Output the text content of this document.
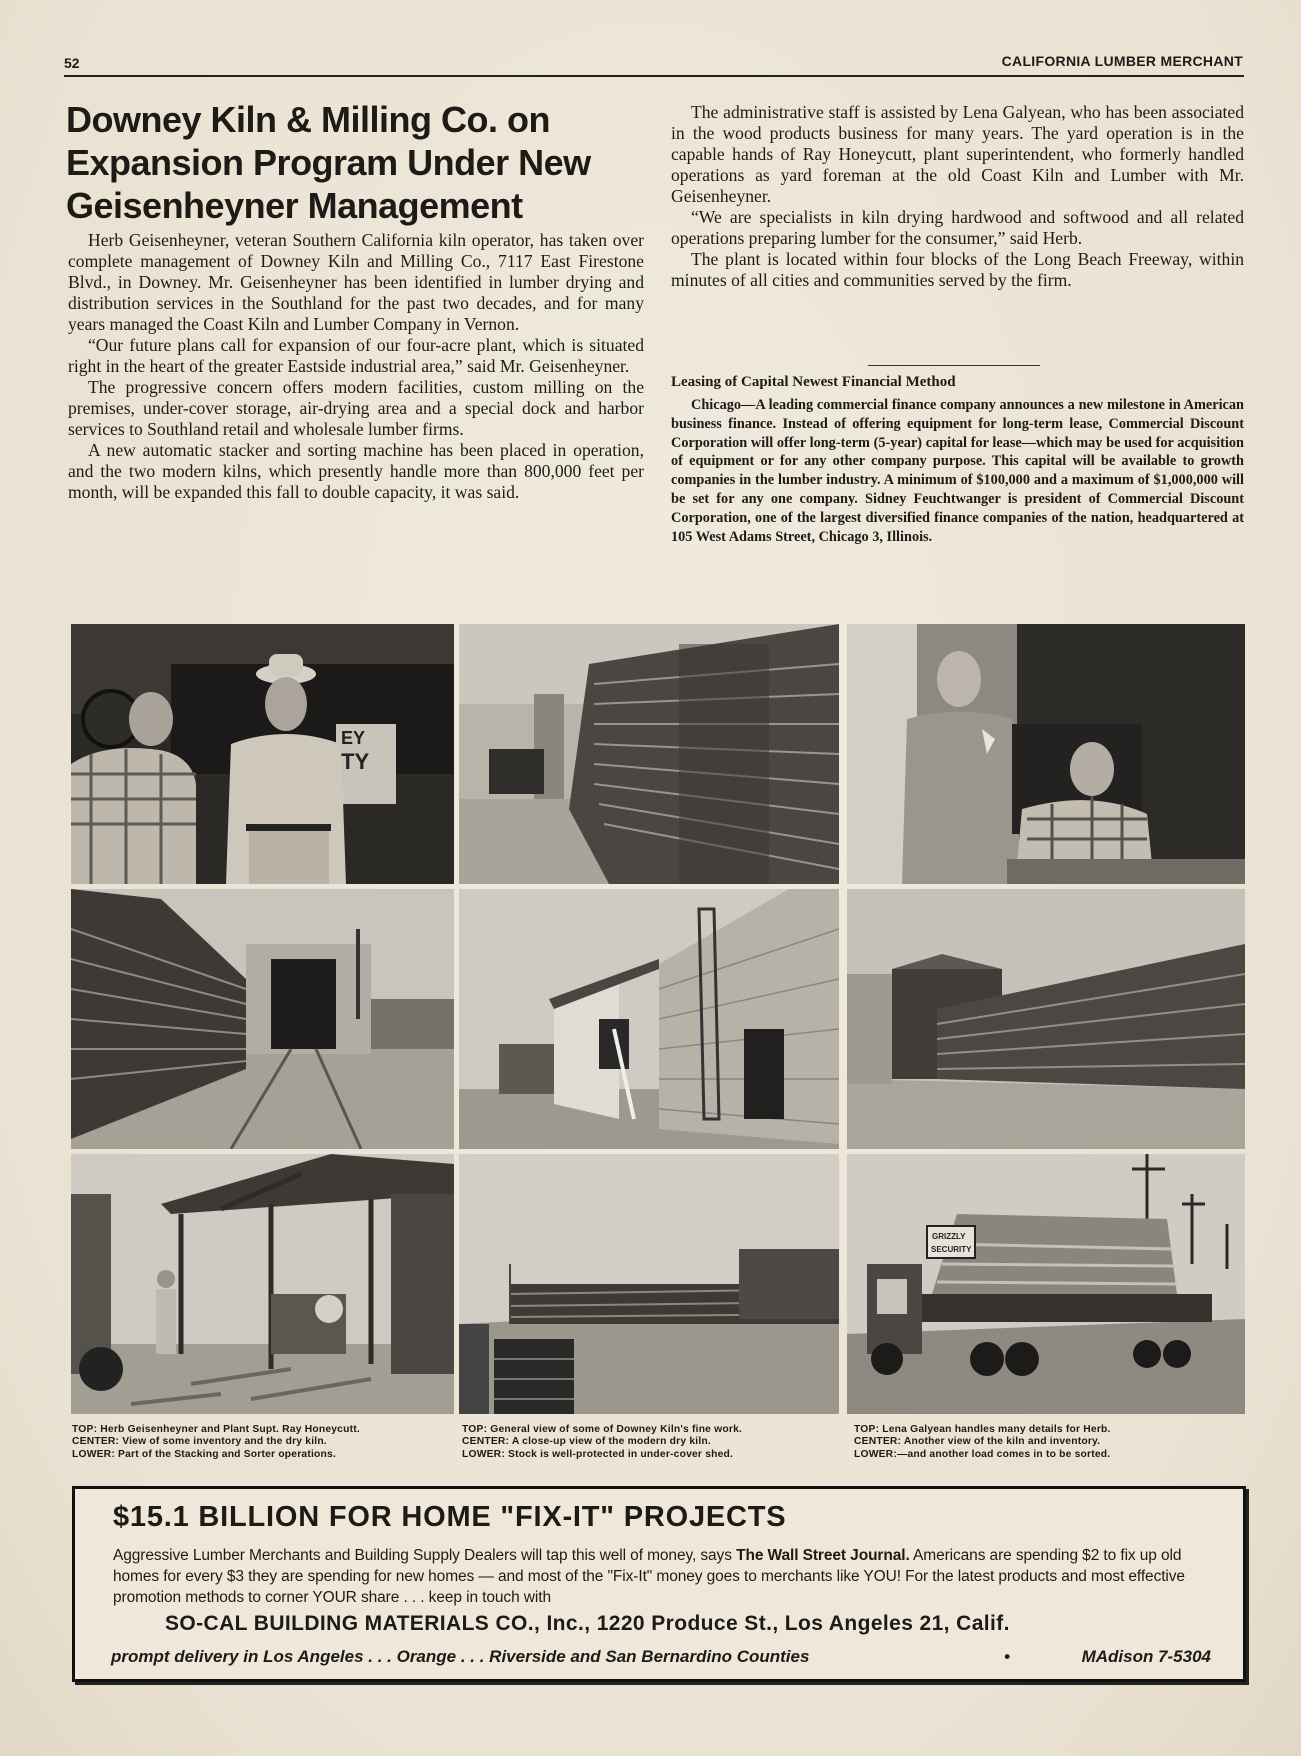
52	CALIFORNIA LUMBER MERCHANT
Downey Kiln & Milling Co. on Expansion Program Under New Geisenheyner Management

Herb Geisenheyner, veteran Southern California kiln operator, has taken over complete management of Downey Kiln and Milling Co., 7117 East Firestone Blvd., in Downey. Mr. Geisenheyner has been identified in lumber drying and distribution services in the Southland for the past two decades, and for many years managed the Coast Kiln and Lumber Company in Vernon.

“Our future plans call for expansion of our four-acre plant, which is situated right in the heart of the greater Eastside industrial area,” said Mr. Geisenheyner.

The progressive concern offers modern facilities, custom milling on the premises, under-cover storage, air-drying area and a special dock and harbor services to Southland retail and wholesale lumber firms.

A new automatic stacker and sorting machine has been placed in operation, and the two modern kilns, which presently handle more than 800,000 feet per month, will be expanded this fall to double capacity, it was said.

The administrative staff is assisted by Lena Galyean, who has been associated in the wood products business for many years. The yard operation is in the capable hands of Ray Honeycutt, plant superintendent, who formerly handled operations as yard foreman at the old Coast Kiln and Lumber with Mr. Geisenheyner.

“We are specialists in kiln drying hardwood and softwood and all related operations preparing lumber for the consumer,” said Herb.

The plant is located within four blocks of the Long Beach Freeway, within minutes of all cities and communities served by the firm.

Leasing of Capital Newest Financial Method

Chicago—A leading commercial finance company announces a new milestone in American business finance. Instead of offering equipment for long-term lease, Commercial Discount Corporation will offer long-term (5-year) capital for lease—which may be used for acquisition of equipment or for any other company purpose. This capital will be available to growth companies in the lumber industry. A minimum of $100,000 and a maximum of $1,000,000 will be set for any one company. Sidney Feuchtwanger is president of Commercial Discount Corporation, one of the largest diversified finance companies of the nation, headquartered at 105 West Adams Street, Chicago 3, Illinois.

EY
TY
GRIZZLY
SECURITY
TOP: Herb Geisenheyner and Plant Supt. Ray Honeycutt.
CENTER: View of some inventory and the dry kiln.
LOWER: Part of the Stacking and Sorter operations.
TOP: General view of some of Downey Kiln's fine work.
CENTER: A close-up view of the modern dry kiln.
LOWER: Stock is well-protected in under-cover shed.
TOP: Lena Galyean handles many details for Herb.
CENTER: Another view of the kiln and inventory.
LOWER:—and another load comes in to be sorted.
$15.1 BILLION FOR HOME "FIX-IT" PROJECTS
Aggressive Lumber Merchants and Building Supply Dealers will tap this well of money, says The Wall Street Journal. Americans are spending $2 to fix up old homes for every $3 they are spending for new homes — and most of the "Fix-It" money goes to merchants like YOU! For the latest products and most effective promotion methods to corner YOUR share . . . keep in touch with
SO-CAL BUILDING MATERIALS CO., Inc., 1220 Produce St., Los Angeles 21, Calif.
prompt delivery in Los Angeles . . . Orange . . . Riverside and San Bernardino Counties	•	MAdison 7-5304
